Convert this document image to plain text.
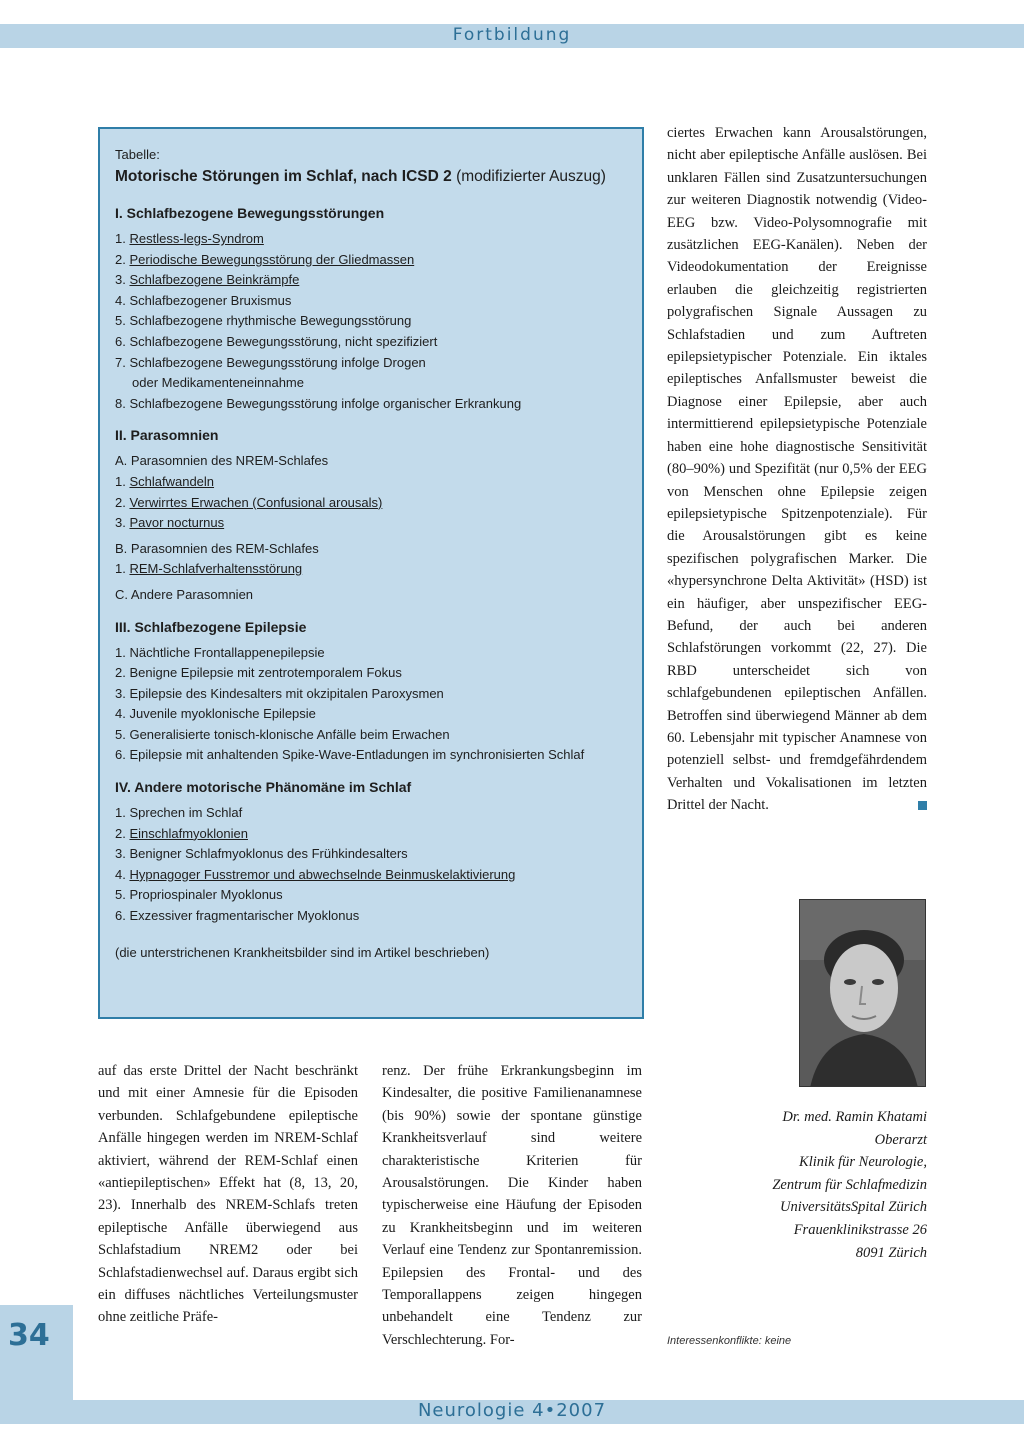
Fortbildung
Tabelle:
Motorische Störungen im Schlaf, nach ICSD 2 (modifizierter Auszug)
I. Schlafbezogene Bewegungsstörungen
1. Restless-legs-Syndrom
2. Periodische Bewegungsstörung der Gliedmassen
3. Schlafbezogene Beinkrämpfe
4. Schlafbezogener Bruxismus
5. Schlafbezogene rhythmische Bewegungsstörung
6. Schlafbezogene Bewegungsstörung, nicht spezifiziert
7. Schlafbezogene Bewegungsstörung infolge Drogen
oder Medikamenteneinnahme
8. Schlafbezogene Bewegungsstörung infolge organischer Erkrankung
II. Parasomnien
A. Parasomnien des NREM-Schlafes
1. Schlafwandeln
2. Verwirrtes Erwachen (Confusional arousals)
3. Pavor nocturnus
B. Parasomnien des REM-Schlafes
1. REM-Schlafverhaltensstörung
C. Andere Parasomnien
III. Schlafbezogene Epilepsie
1. Nächtliche Frontallappenepilepsie
2. Benigne Epilepsie mit zentrotemporalem Fokus
3. Epilepsie des Kindesalters mit okzipitalen Paroxysmen
4. Juvenile myoklonische Epilepsie
5. Generalisierte tonisch-klonische Anfälle beim Erwachen
6. Epilepsie mit anhaltenden Spike-Wave-Entladungen im synchronisierten Schlaf
IV. Andere motorische Phänomäne im Schlaf
1. Sprechen im Schlaf
2. Einschlafmyoklonien
3. Benigner Schlafmyoklonus des Frühkindesalters
4. Hypnagoger Fusstremor und abwechselnde Beinmuskelaktivierung
5. Propriospinaler Myoklonus
6. Exzessiver fragmentarischer Myoklonus
(die unterstrichenen Krankheitsbilder sind im Artikel beschrieben)
ciertes Erwachen kann Arousalstörungen, nicht aber epileptische Anfälle auslösen. Bei unklaren Fällen sind Zusatzuntersuchungen zur weiteren Diagnostik notwendig (Video-EEG bzw. Video-Polysomnografie mit zusätzlichen EEG-Kanälen). Neben der Videodokumentation der Ereignisse erlauben die gleichzeitig registrierten polygrafischen Signale Aussagen zu Schlafstadien und zum Auftreten epilepsietypischer Potenziale. Ein iktales epileptisches Anfallsmuster beweist die Diagnose einer Epilepsie, aber auch intermittierend epilepsietypische Potenziale haben eine hohe diagnostische Sensitivität (80–90%) und Spezifität (nur 0,5% der EEG von Menschen ohne Epilepsie zeigen epilepsietypische Spitzenpotenziale). Für die Arousalstörungen gibt es keine spezifischen polygrafischen Marker. Die «hypersynchrone Delta Aktivität» (HSD) ist ein häufiger, aber unspezifischer EEG-Befund, der auch bei anderen Schlafstörungen vorkommt (22, 27). Die RBD unterscheidet sich von schlafgebundenen epileptischen Anfällen. Betroffen sind überwiegend Männer ab dem 60. Lebensjahr mit typischer Anamnese von potenziell selbst- und fremdgefährdendem Verhalten und Vokalisationen im letzten Drittel der Nacht.
Dr. med. Ramin Khatami
Oberarzt
Klinik für Neurologie,
Zentrum für Schlafmedizin
UniversitätsSpital Zürich
Frauenklinikstrasse 26
8091 Zürich
auf das erste Drittel der Nacht beschränkt und mit einer Amnesie für die Episoden verbunden. Schlafgebundene epileptische Anfälle hingegen werden im NREM-Schlaf aktiviert, während der REM-Schlaf einen «antiepileptischen» Effekt hat (8, 13, 20, 23). Innerhalb des NREM-Schlafs treten epileptische Anfälle überwiegend aus Schlafstadium NREM2 oder bei Schlafstadienwechsel auf. Daraus ergibt sich ein diffuses nächtliches Verteilungsmuster ohne zeitliche Präfe-
renz. Der frühe Erkrankungsbeginn im Kindesalter, die positive Familienanamnese (bis 90%) sowie der spontane günstige Krankheitsverlauf sind weitere charakteristische Kriterien für Arousalstörungen. Die Kinder haben typischerweise eine Häufung der Episoden zu Krankheitsbeginn und im weiteren Verlauf eine Tendenz zur Spontanremission. Epilepsien des Frontal- und des Temporallappens zeigen hingegen unbehandelt eine Tendenz zur Verschlechterung. For-	Interessenkonflikte: keine
34
Neurologie 4•2007
